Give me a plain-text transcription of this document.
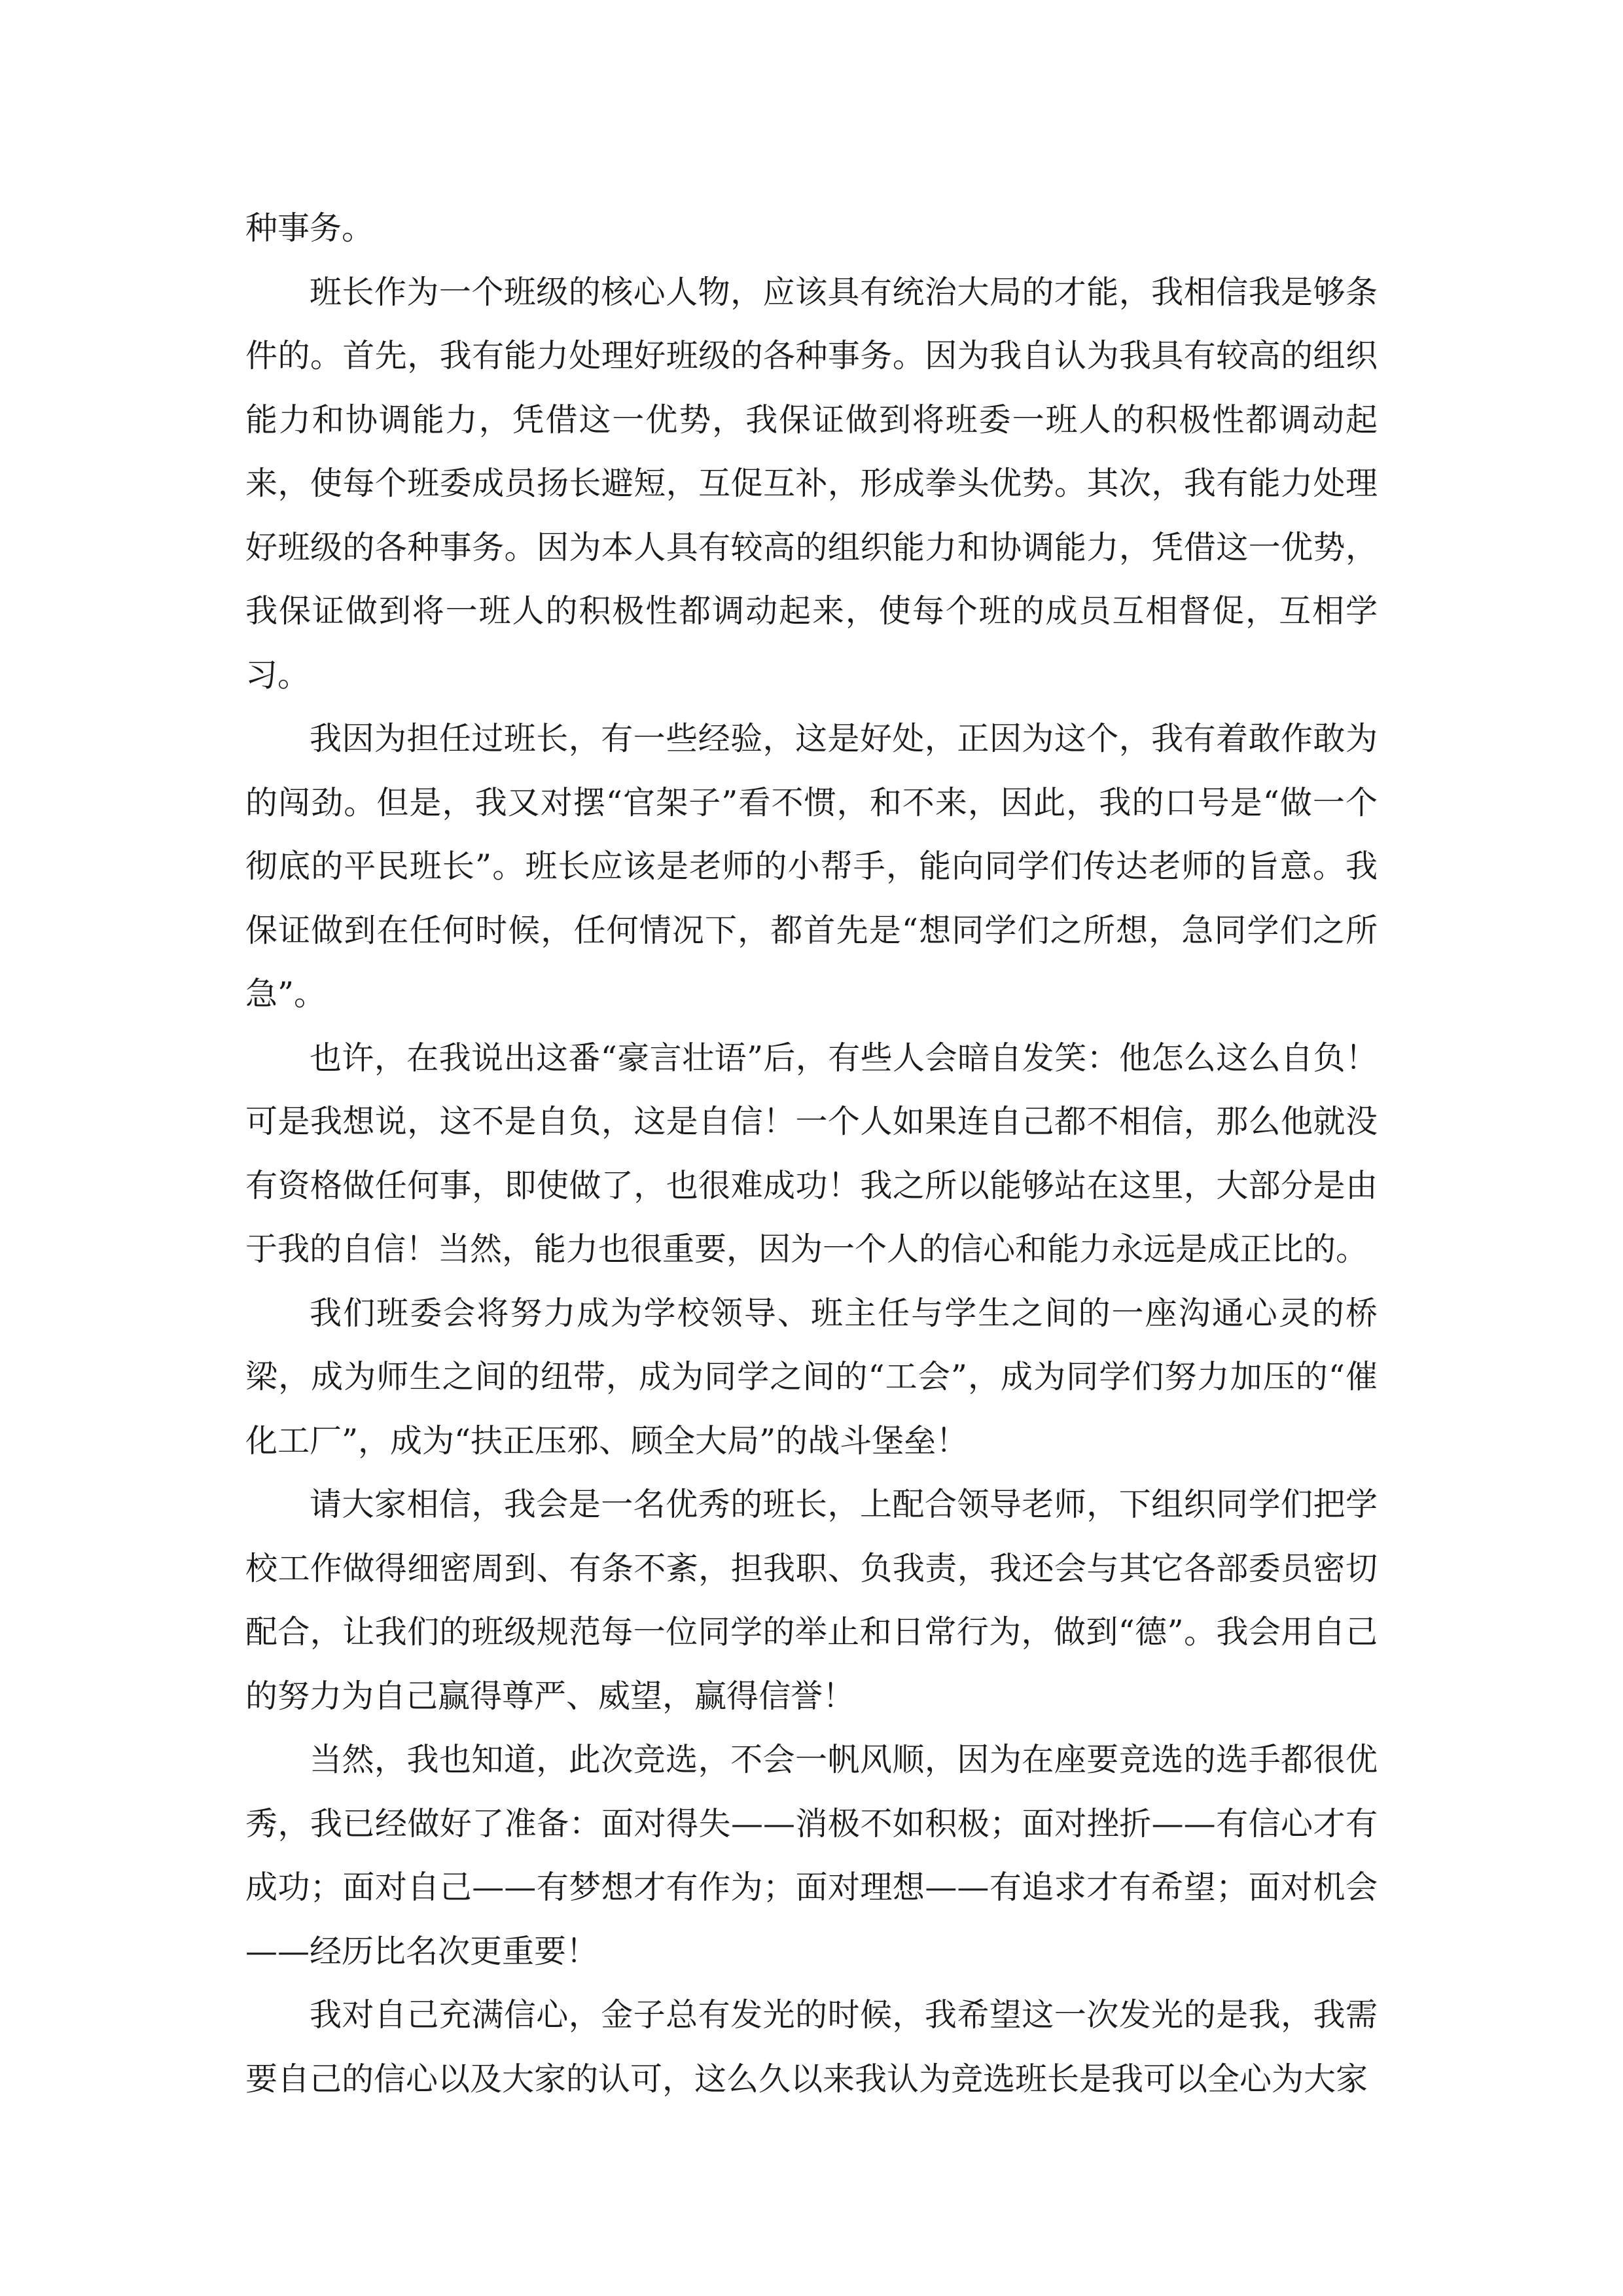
种事务。

班长作为一个班级的核心人物，应该具有统治大局的才能，我相信我是够条件的。首先，我有能力处理好班级的各种事务。因为我自认为我具有较高的组织能力和协调能力，凭借这一优势，我保证做到将班委一班人的积极性都调动起来，使每个班委成员扬长避短，互促互补，形成拳头优势。其次，我有能力处理好班级的各种事务。因为本人具有较高的组织能力和协调能力，凭借这一优势，我保证做到将一班人的积极性都调动起来，使每个班的成员互相督促，互相学习。

我因为担任过班长，有一些经验，这是好处，正因为这个，我有着敢作敢为的闯劲。但是，我又对摆“官架子”看不惯，和不来，因此，我的口号是“做一个彻底的平民班长”。班长应该是老师的小帮手，能向同学们传达老师的旨意。我保证做到在任何时候，任何情况下，都首先是“想同学们之所想，急同学们之所急”。

也许，在我说出这番“豪言壮语”后，有些人会暗自发笑：他怎么这么自负！可是我想说，这不是自负，这是自信！一个人如果连自己都不相信，那么他就没有资格做任何事，即使做了，也很难成功！我之所以能够站在这里，大部分是由于我的自信！当然，能力也很重要，因为一个人的信心和能力永远是成正比的。

我们班委会将努力成为学校领导、班主任与学生之间的一座沟通心灵的桥梁，成为师生之间的纽带，成为同学之间的“工会”，成为同学们努力加压的“催化工厂”，成为“扶正压邪、顾全大局”的战斗堡垒！

请大家相信，我会是一名优秀的班长，上配合领导老师，下组织同学们把学校工作做得细密周到、有条不紊，担我职、负我责，我还会与其它各部委员密切配合，让我们的班级规范每一位同学的举止和日常行为，做到“德”。我会用自己的努力为自己赢得尊严、威望，赢得信誉！

当然，我也知道，此次竞选，不会一帆风顺，因为在座要竞选的选手都很优秀，我已经做好了准备：面对得失——消极不如积极；面对挫折——有信心才有成功；面对自己——有梦想才有作为；面对理想——有追求才有希望；面对机会——经历比名次更重要！

我对自己充满信心，金子总有发光的时候，我希望这一次发光的是我，我需要自己的信心以及大家的认可，这么久以来我认为竞选班长是我可以全心为大家
